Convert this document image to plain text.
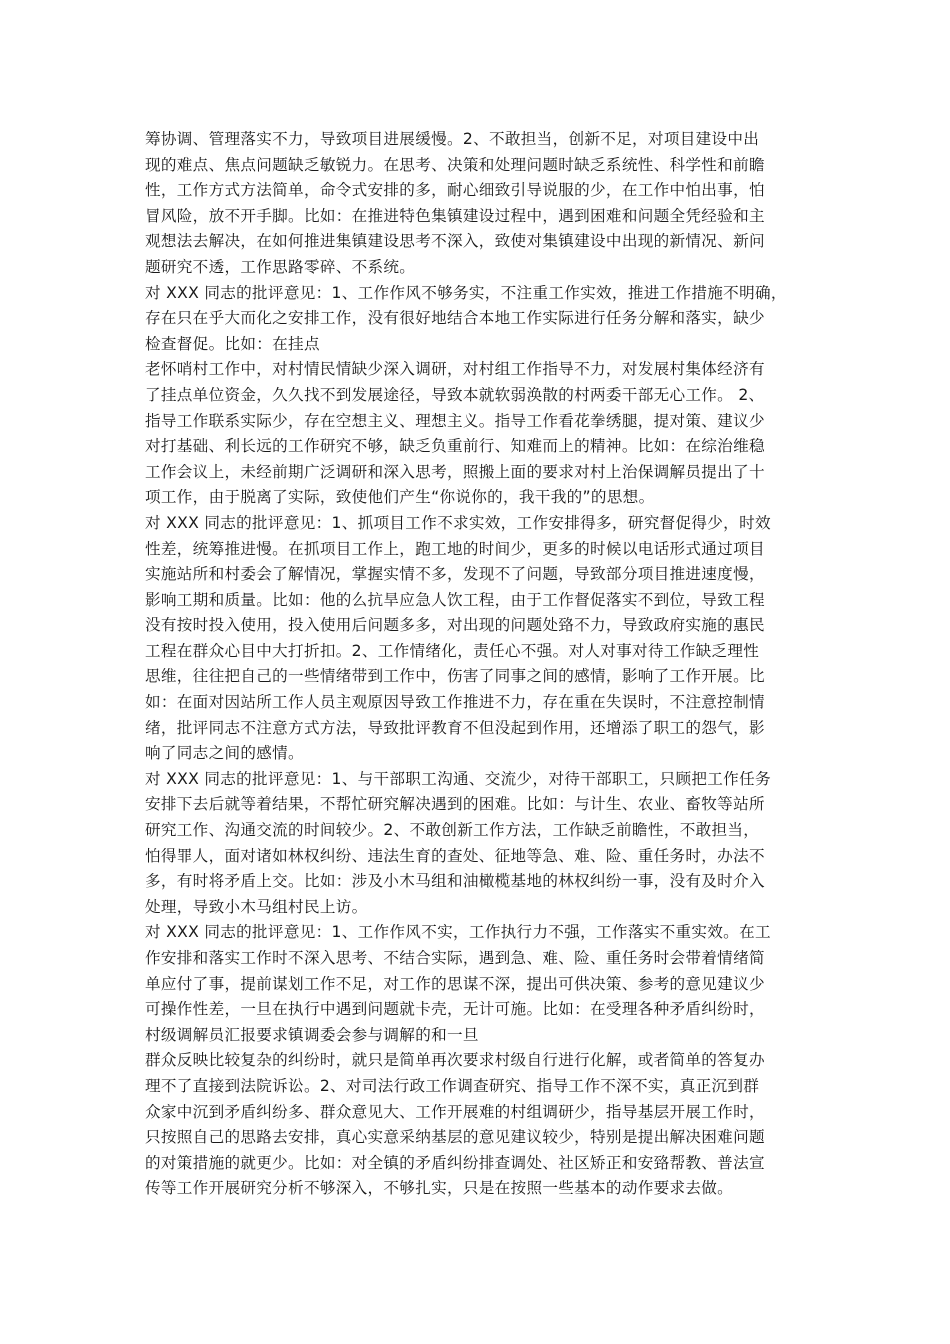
筹协调、管理落实不力，导致项目进展缓慢。2、不敢担当，创新不足，对项目建设中出
现的难点、焦点问题缺乏敏锐力。在思考、决策和处理问题时缺乏系统性、科学性和前瞻
性，工作方式方法简单，命令式安排的多，耐心细致引导说服的少，在工作中怕出事，怕
冒风险，放不开手脚。比如：在推进特色集镇建设过程中，遇到困难和问题全凭经验和主
观想法去解决，在如何推进集镇建设思考不深入，致使对集镇建设中出现的新情况、新问
题研究不透，工作思路零碎、不系统。
对 XXX 同志的批评意见：1、工作作风不够务实，不注重工作实效，推进工作措施不明确，
存在只在乎大而化之安排工作，没有很好地结合本地工作实际进行任务分解和落实，缺少
检查督促。比如：在挂点
老怀哨村工作中，对村情民情缺少深入调研，对村组工作指导不力，对发展村集体经济有
了挂点单位资金，久久找不到发展途径，导致本就软弱涣散的村两委干部无心工作。 2、
指导工作联系实际少，存在空想主义、理想主义。指导工作看花拳绣腿，提对策、建议少
对打基础、利长远的工作研究不够，缺乏负重前行、知难而上的精神。比如：在综治维稳
工作会议上，未经前期广泛调研和深入思考，照搬上面的要求对村上治保调解员提出了十
项工作，由于脱离了实际，致使他们产生“你说你的，我干我的”的思想。
对 XXX 同志的批评意见：1、抓项目工作不求实效，工作安排得多，研究督促得少，时效
性差，统筹推进慢。在抓项目工作上，跑工地的时间少，更多的时候以电话形式通过项目
实施站所和村委会了解情况，掌握实情不多，发现不了问题，导致部分项目推进速度慢，
影响工期和质量。比如：他的么抗旱应急人饮工程，由于工作督促落实不到位，导致工程
没有按时投入使用，投入使用后问题多多，对出现的问题处臵不力，导致政府实施的惠民
工程在群众心目中大打折扣。2、工作情绪化，责任心不强。对人对事对待工作缺乏理性
思维，往往把自己的一些情绪带到工作中，伤害了同事之间的感情，影响了工作开展。比
如：在面对因站所工作人员主观原因导致工作推进不力，存在重在失误时，不注意控制情
绪，批评同志不注意方式方法，导致批评教育不但没起到作用，还增添了职工的怨气，影
响了同志之间的感情。
对 XXX 同志的批评意见：1、与干部职工沟通、交流少，对待干部职工，只顾把工作任务
安排下去后就等着结果，不帮忙研究解决遇到的困难。比如：与计生、农业、畜牧等站所
研究工作、沟通交流的时间较少。2、不敢创新工作方法，工作缺乏前瞻性，不敢担当，
怕得罪人，面对诸如林权纠纷、违法生育的查处、征地等急、难、险、重任务时，办法不
多，有时将矛盾上交。比如：涉及小木马组和油橄榄基地的林权纠纷一事，没有及时介入
处理，导致小木马组村民上访。
对 XXX 同志的批评意见：1、工作作风不实，工作执行力不强，工作落实不重实效。在工
作安排和落实工作时不深入思考、不结合实际，遇到急、难、险、重任务时会带着情绪简
单应付了事，提前谋划工作不足，对工作的思谋不深，提出可供决策、参考的意见建议少
可操作性差，一旦在执行中遇到问题就卡壳，无计可施。比如：在受理各种矛盾纠纷时，
村级调解员汇报要求镇调委会参与调解的和一旦
群众反映比较复杂的纠纷时，就只是简单再次要求村级自行进行化解，或者简单的答复办
理不了直接到法院诉讼。2、对司法行政工作调查研究、指导工作不深不实，真正沉到群
众家中沉到矛盾纠纷多、群众意见大、工作开展难的村组调研少，指导基层开展工作时，
只按照自己的思路去安排，真心实意采纳基层的意见建议较少，特别是提出解决困难问题
的对策措施的就更少。比如：对全镇的矛盾纠纷排查调处、社区矫正和安臵帮教、普法宣
传等工作开展研究分析不够深入，不够扎实，只是在按照一些基本的动作要求去做。
